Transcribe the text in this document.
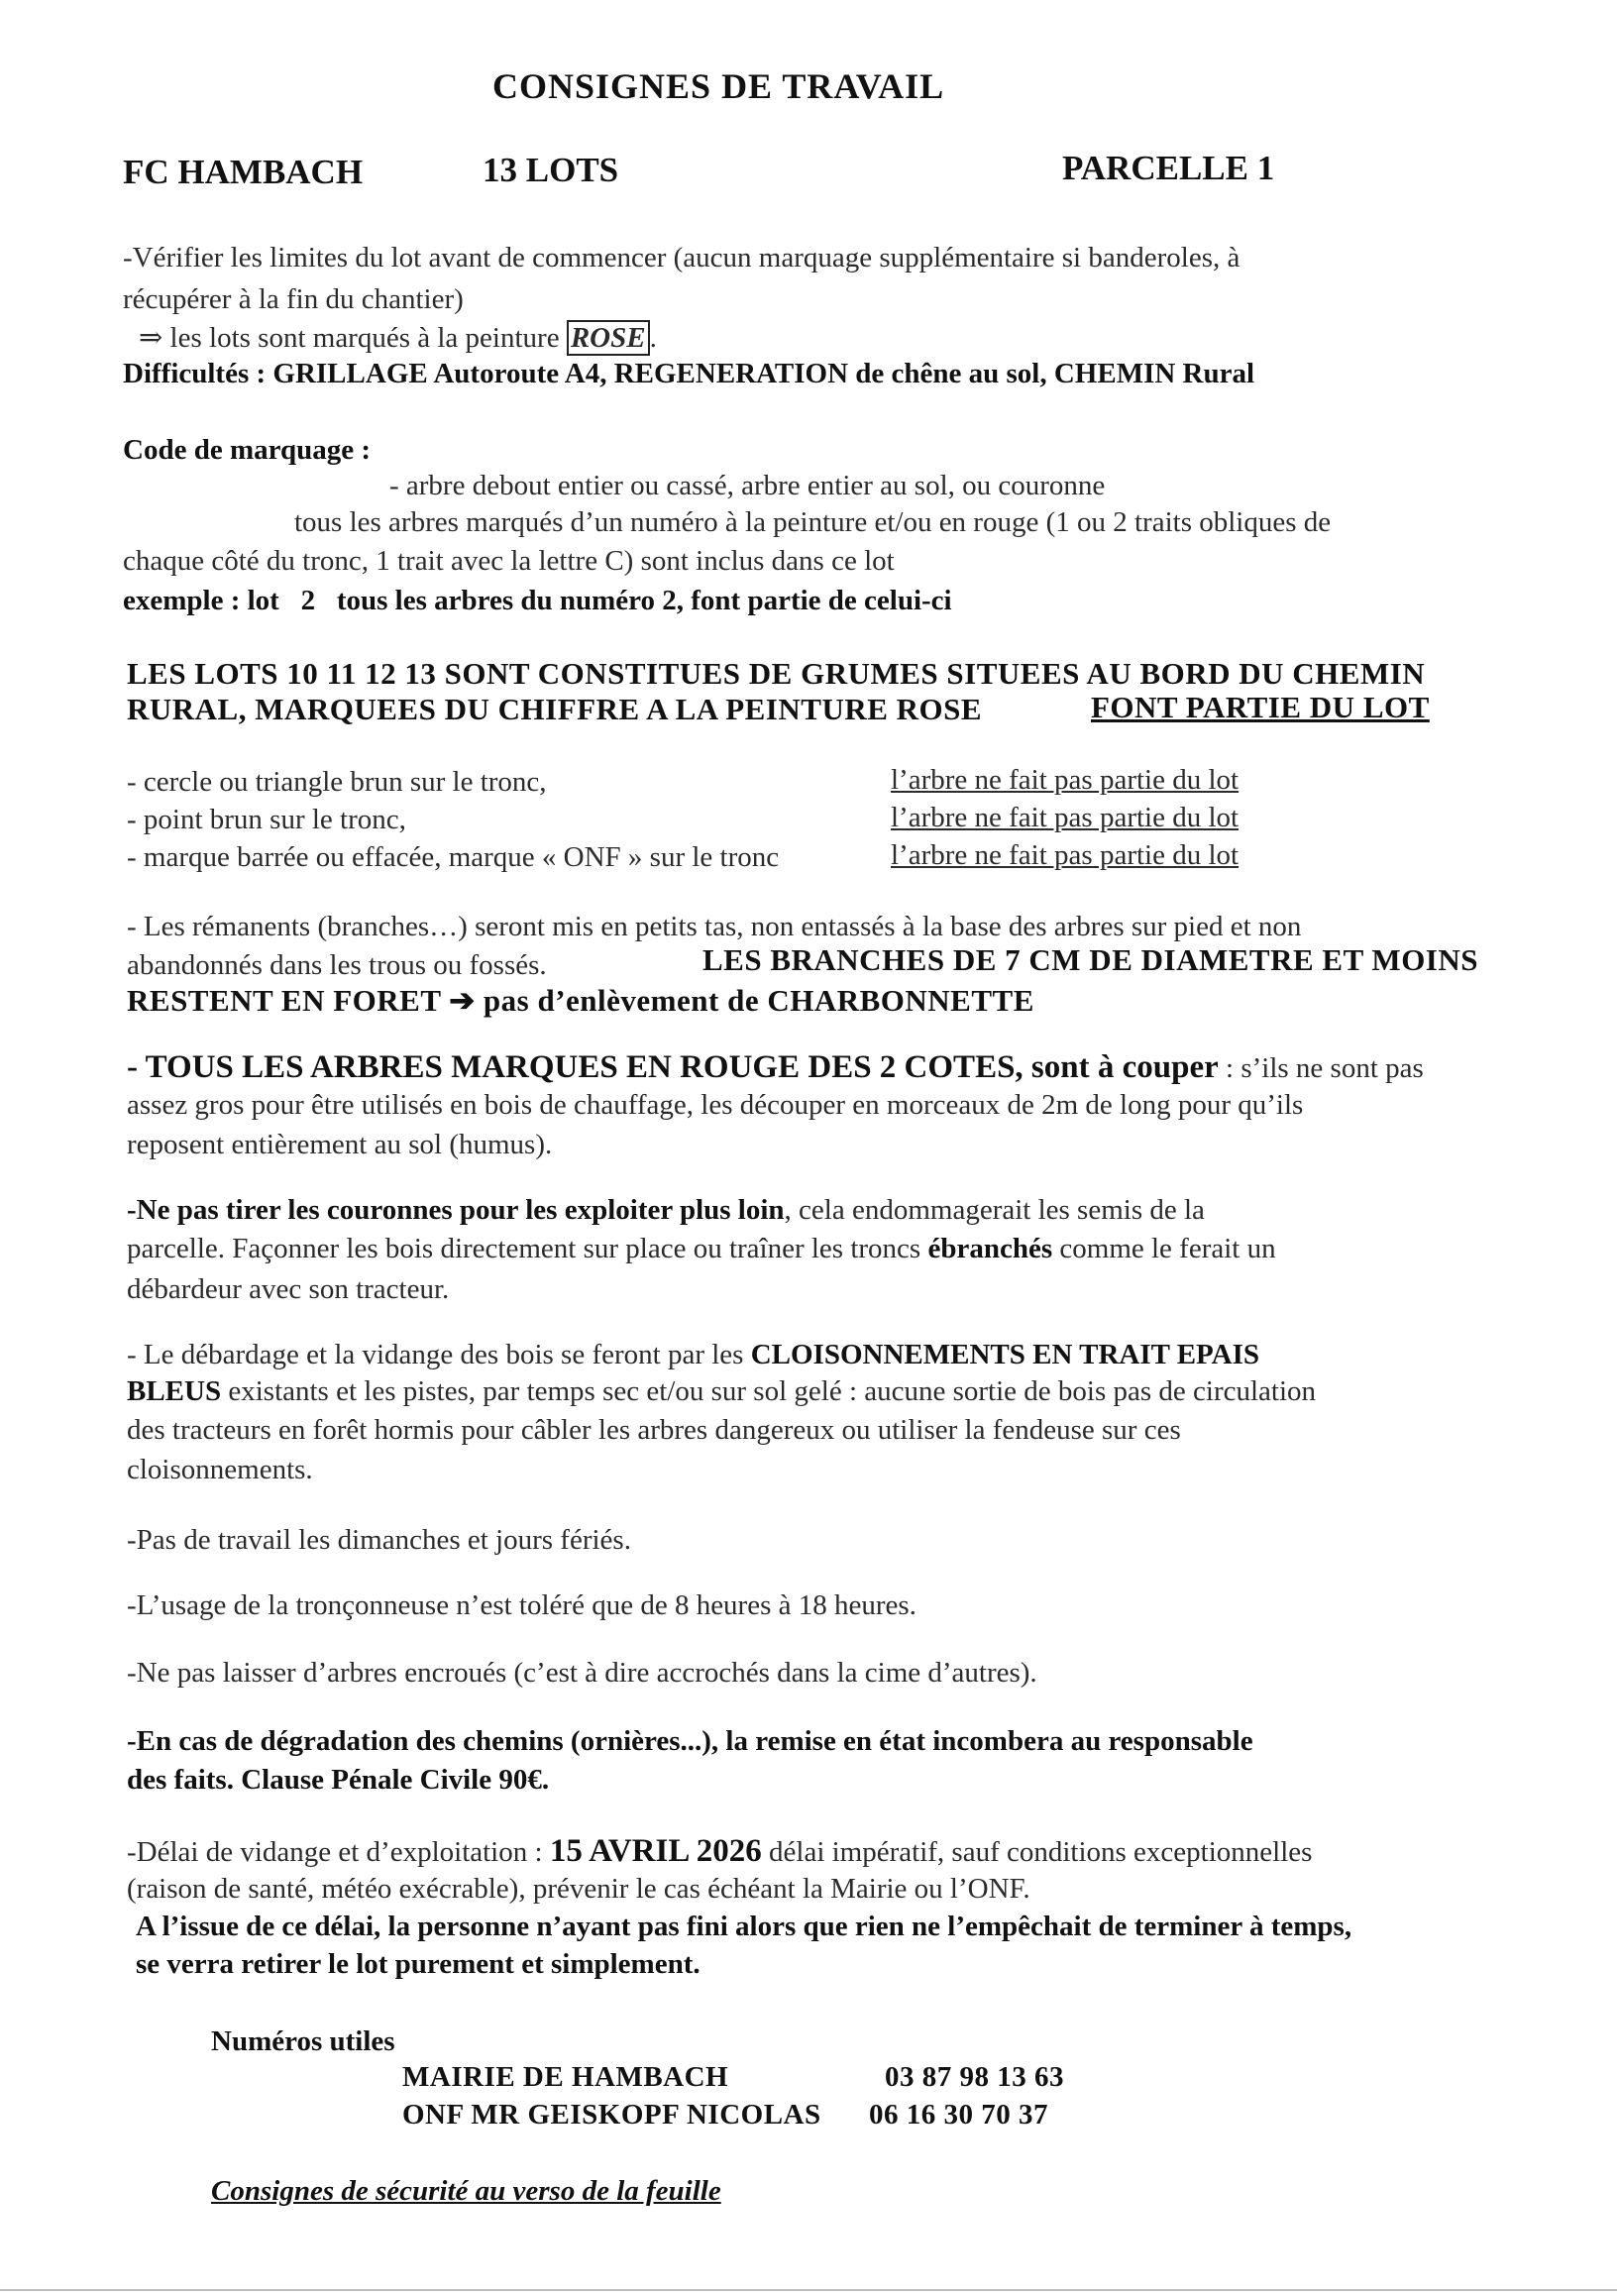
CONSIGNES DE TRAVAIL
FC HAMBACH	13 LOTS	PARCELLE 1
-Vérifier les limites du lot avant de commencer (aucun marquage supplémentaire si banderoles, à
récupérer à la fin du chantier)
⇒ les lots sont marqués à la peinture ROSE .
Difficultés : GRILLAGE Autoroute A4, REGENERATION de chêne au sol, CHEMIN Rural
Code de marquage :
- arbre debout entier ou cassé, arbre entier au sol, ou couronne
tous les arbres marqués d’un numéro à la peinture et/ou en rouge (1 ou 2 traits obliques de
chaque côté du tronc, 1 trait avec la lettre C) sont inclus dans ce lot
exemple : lot   2   tous les arbres du numéro 2, font partie de celui-ci
LES LOTS 10 11 12 13 SONT CONSTITUES DE GRUMES SITUEES AU BORD DU CHEMIN
RURAL, MARQUEES DU CHIFFRE A LA PEINTURE ROSE	FONT PARTIE DU LOT
- cercle ou triangle brun sur le tronc,	l’arbre ne fait pas partie du lot
- point brun sur le tronc,	l’arbre ne fait pas partie du lot
- marque barrée ou effacée, marque « ONF » sur le tronc	l’arbre ne fait pas partie du lot
- Les rémanents (branches…) seront mis en petits tas, non entassés à la base des arbres sur pied et non
abandonnés dans les trous ou fossés.	LES BRANCHES DE 7 CM DE DIAMETRE ET MOINS
RESTENT EN FORET ➔ pas d’enlèvement de CHARBONNETTE
- TOUS LES ARBRES MARQUES EN ROUGE DES 2 COTES, sont à couper : s’ils ne sont pas
assez gros pour être utilisés en bois de chauffage, les découper en morceaux de 2m de long pour qu’ils
reposent entièrement au sol (humus).
-Ne pas tirer les couronnes pour les exploiter plus loin, cela endommagerait les semis de la
parcelle. Façonner les bois directement sur place ou traîner les troncs ébranchés comme le ferait un
débardeur avec son tracteur.
- Le débardage et la vidange des bois se feront par les CLOISONNEMENTS EN TRAIT EPAIS
BLEUS existants et les pistes, par temps sec et/ou sur sol gelé : aucune sortie de bois pas de circulation
des tracteurs en forêt hormis pour câbler les arbres dangereux ou utiliser la fendeuse sur ces
cloisonnements.
-Pas de travail les dimanches et jours fériés.
-L’usage de la tronçonneuse n’est toléré que de 8 heures à 18 heures.
-Ne pas laisser d’arbres encroués (c’est à dire accrochés dans la cime d’autres).
-En cas de dégradation des chemins (ornières...), la remise en état incombera au responsable
des faits. Clause Pénale Civile 90€.
-Délai de vidange et d’exploitation : 15 AVRIL 2026 délai impératif, sauf conditions exceptionnelles
(raison de santé, météo exécrable), prévenir le cas échéant la Mairie ou l’ONF.
A l’issue de ce délai, la personne n’ayant pas fini alors que rien ne l’empêchait de terminer à temps,
se verra retirer le lot purement et simplement.
Numéros utiles
MAIRIE DE HAMBACH	03 87 98 13 63
ONF MR GEISKOPF NICOLAS 06 16 30 70 37
Consignes de sécurité au verso de la feuille
